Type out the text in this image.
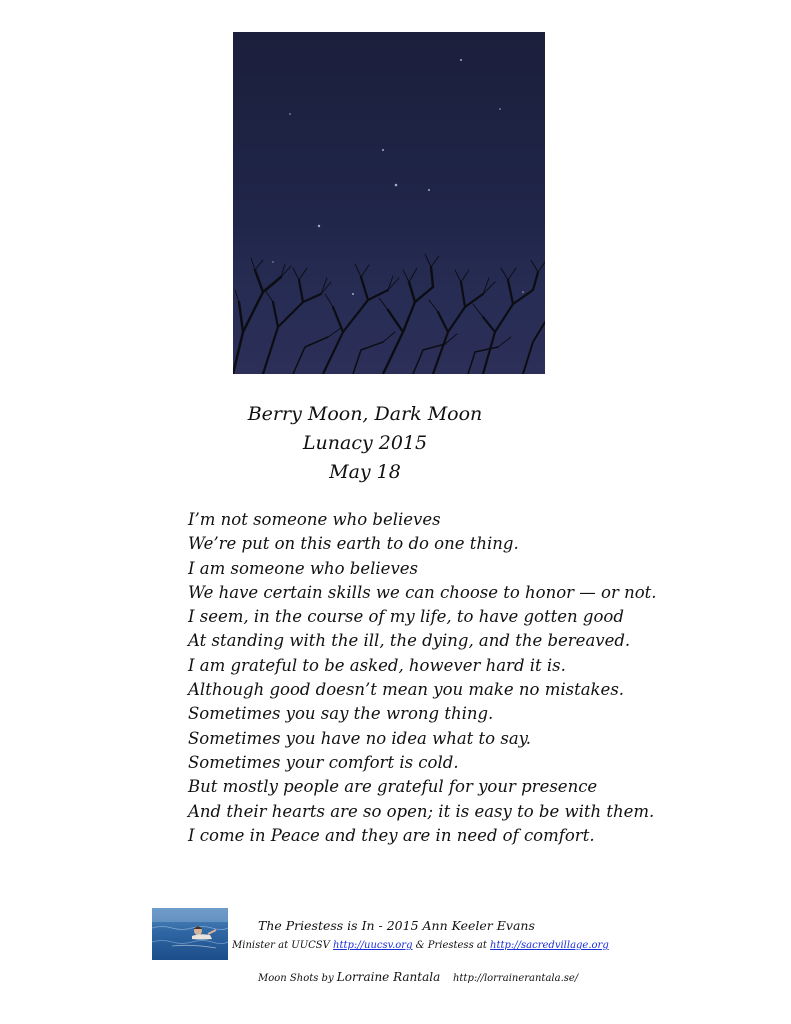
Berry Moon, Dark Moon
Lunacy 2015
May 18
I’m not someone who believes
We’re put on this earth to do one thing.
I am someone who believes
We have certain skills we can choose to honor — or not.
I seem, in the course of my life, to have gotten good
At standing with the ill, the dying, and the bereaved.
I am grateful to be asked, however hard it is.
Although good doesn’t mean you make no mistakes.
Sometimes you say the wrong thing.
Sometimes you have no idea what to say.
Sometimes your comfort is cold.
But mostly people are grateful for your presence
And their hearts are so open; it is easy to be with them.
I come in Peace and they are in need of comfort.
The Priestess is In - 2015 Ann Keeler Evans
Minister at UUCSV http://uucsv.org & Priestess at http://sacredvillage.org
Moon Shots by Lorraine Rantala http://lorrainerantala.se/
